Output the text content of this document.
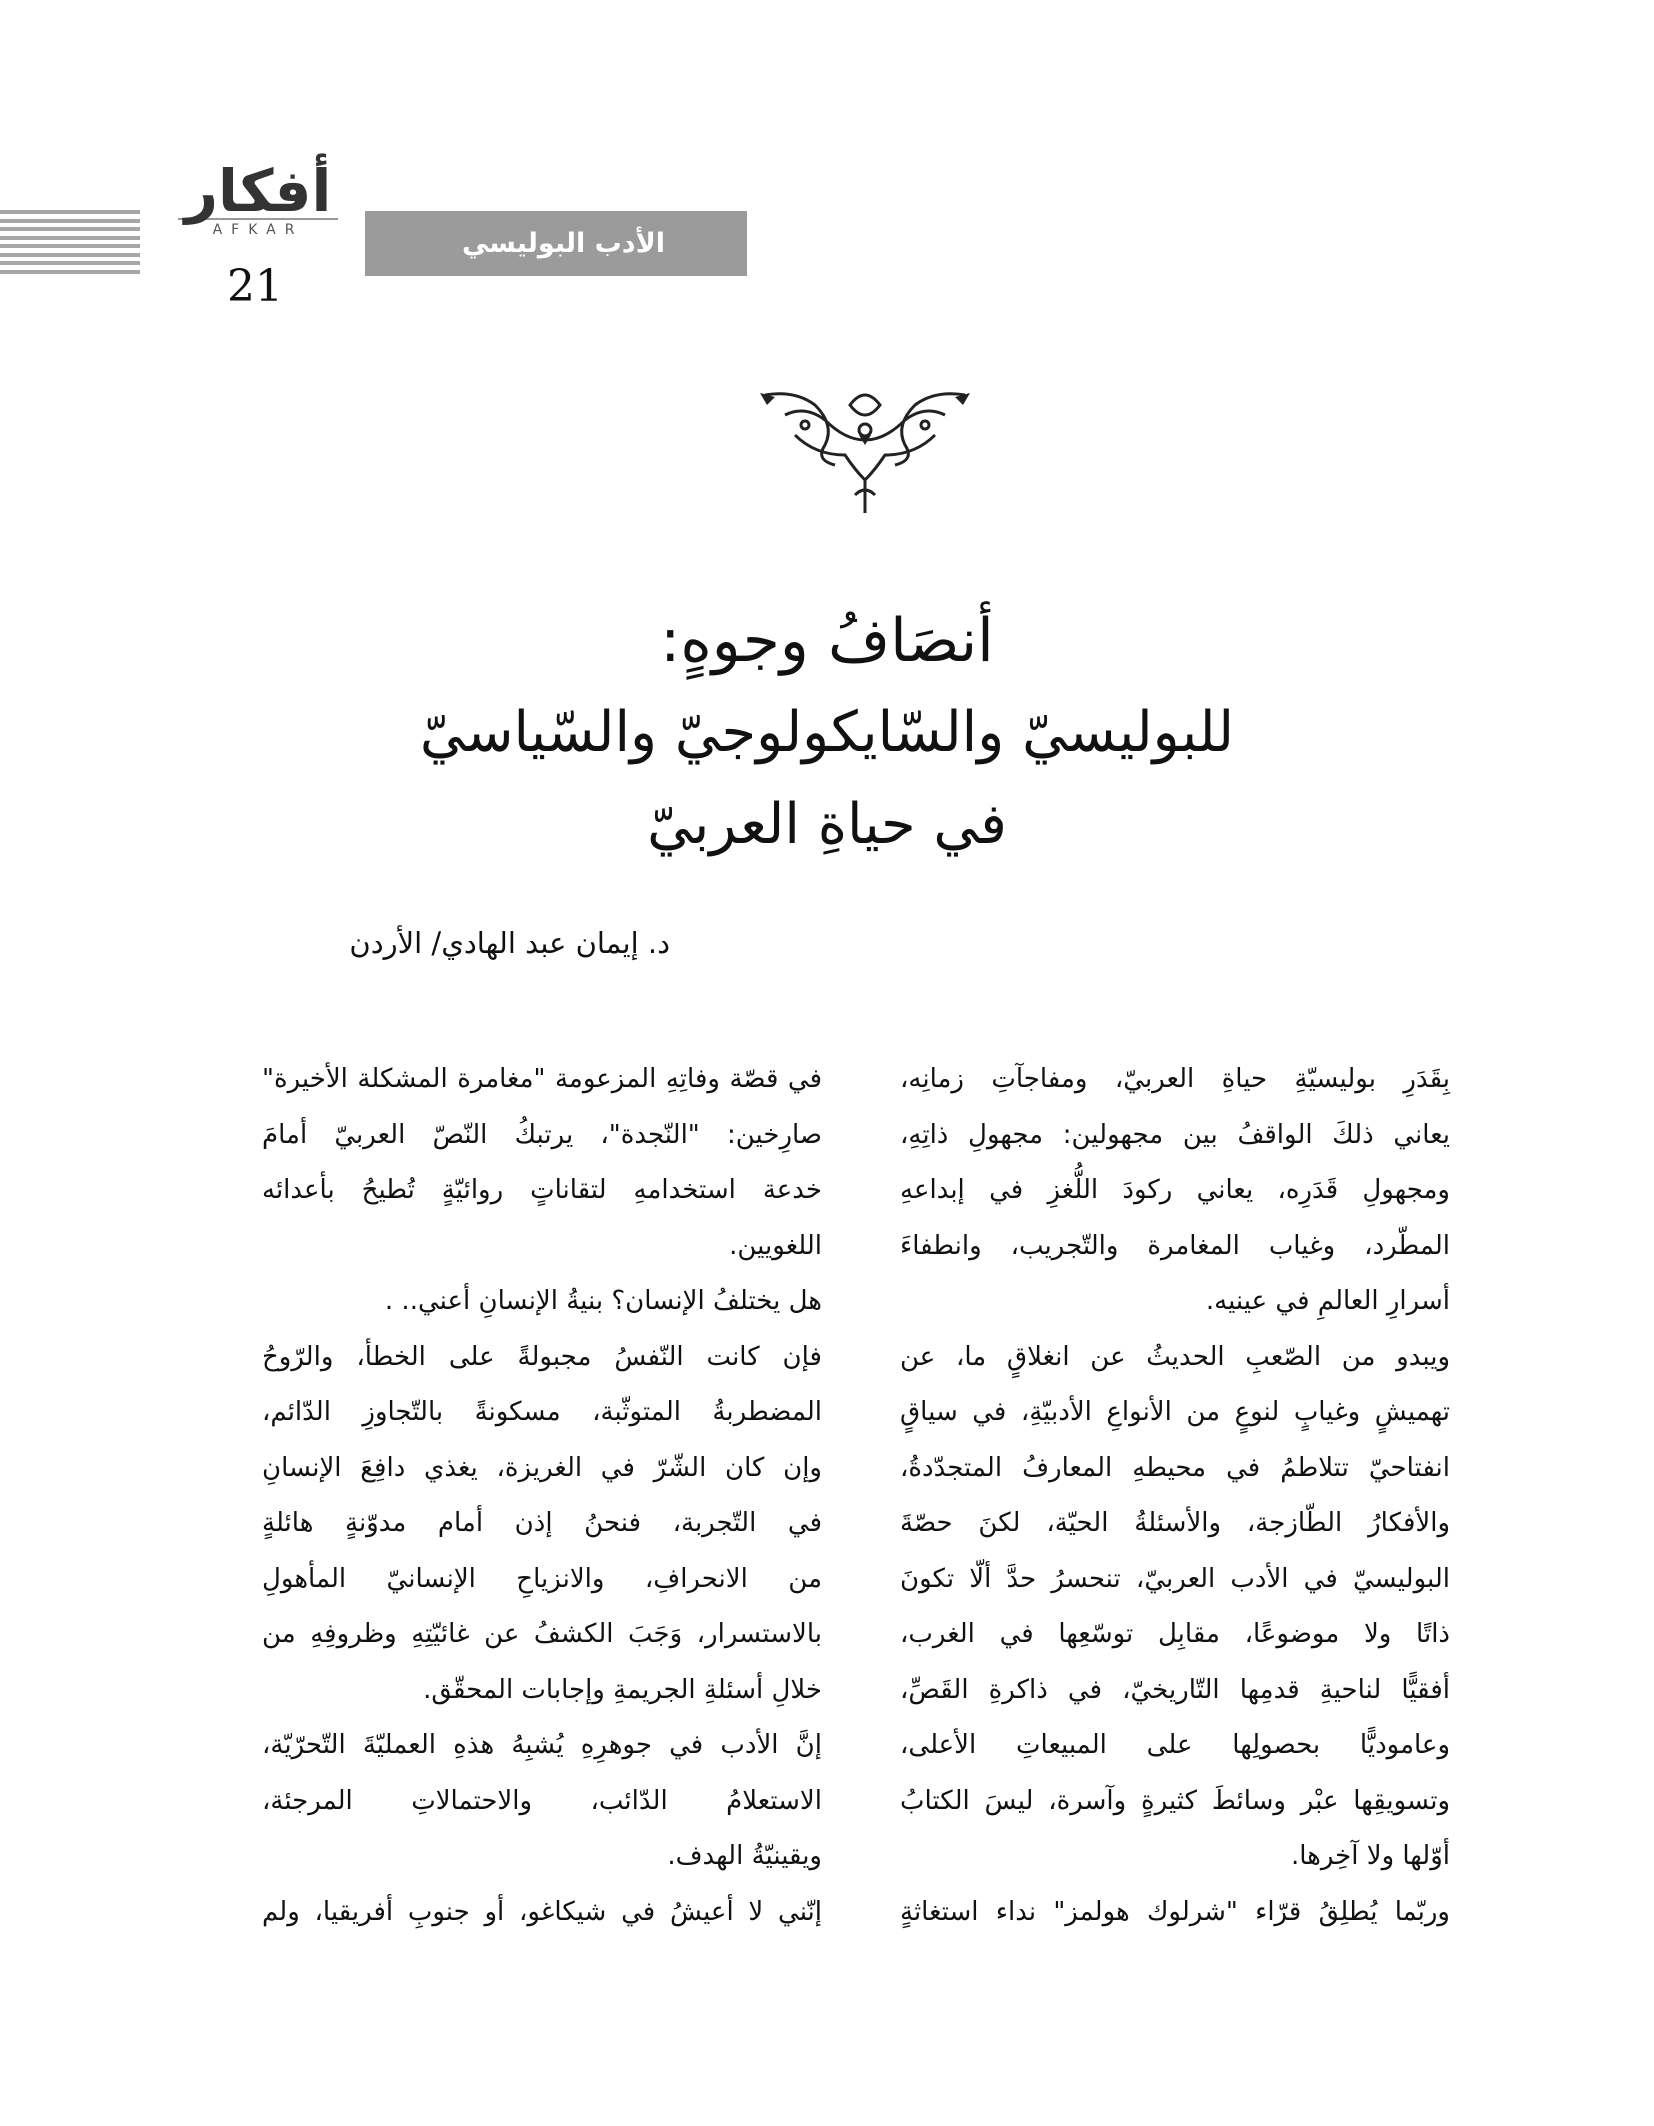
أفكار
AFKAR
21
الأدب البوليسي
أنصَافُ وجوهٍ:
للبوليسيّ والسّايكولوجيّ والسّياسيّ
في حياةِ العربيّ
د. إيمان عبد الهادي/ الأردن

بِقَدَرِ بوليسيّةِ حياةِ العربيّ، ومفاجآتِ زمانِه،

يعاني ذلكَ الواقفُ بين مجهولين: مجهولِ ذاتِهِ،

ومجهولِ قَدَرِه، يعاني ركودَ اللُّغزِ في إبداعهِ

المطّرد، وغياب المغامرة والتّجريب، وانطفاءَ

أسرارِ العالمِ في عينيه.

ويبدو من الصّعبِ الحديثُ عن انغلاقٍ ما، عن

تهميشٍ وغيابٍ لنوعٍ من الأنواعِ الأدبيّةِ، في سياقٍ

انفتاحيّ تتلاطمُ في محيطهِ المعارفُ المتجدّدةُ،

والأفكارُ الطّازجة، والأسئلةُ الحيّة، لكنَ حصّةَ

البوليسيّ في الأدب العربيّ، تنحسرُ حدَّ ألّا تكونَ

ذاتًا ولا موضوعًا، مقابِل توسّعِها في الغرب،

أفقيًّا لناحيةِ قدمِها التّاريخيّ، في ذاكرةِ القَصِّ،

وعاموديًّا بحصولِها على المبيعاتِ الأعلى،

وتسويقِها عبْر وسائطَ كثيرةٍ وآسرة، ليسَ الكتابُ

أوّلها ولا آخِرها.

وربّما يُطلِقُ قرّاء "شرلوك هولمز" نداء استغاثةٍ

في قصّة وفاتِهِ المزعومة "مغامرة المشكلة الأخيرة"

صارِخين: "النّجدة"، يرتبكُ النّصّ العربيّ أمامَ

خدعة استخدامهِ لتقاناتٍ روائيّةٍ تُطيحُ بأعدائه

اللغويين.

هل يختلفُ الإنسان؟ بنيةُ الإنسانِ أعني.. .

فإن كانت النّفسُ مجبولةً على الخطأ، والرّوحُ

المضطربةُ المتوثّبة، مسكونةً بالتّجاوزِ الدّائم،

وإن كان الشّرّ في الغريزة، يغذي دافِعَ الإنسانِ

في التّجربة، فنحنُ إذن أمام مدوّنةٍ هائلةٍ

من الانحرافِ، والانزياحِ الإنسانيّ المأهولِ

بالاستسرار، وَجَبَ الكشفُ عن غائيّتِهِ وظروفِهِ من

خلالِ أسئلةِ الجريمةِ وإجابات المحقّق.

إنَّ الأدب في جوهرِهِ يُشبِهُ هذهِ العمليّةَ التّحرّيّة،

الاستعلامُ الدّائب، والاحتمالاتِ المرجئة،

ويقينيّةُ الهدف.

إنّني لا أعيشُ في شيكاغو، أو جنوبِ أفريقيا، ولم
